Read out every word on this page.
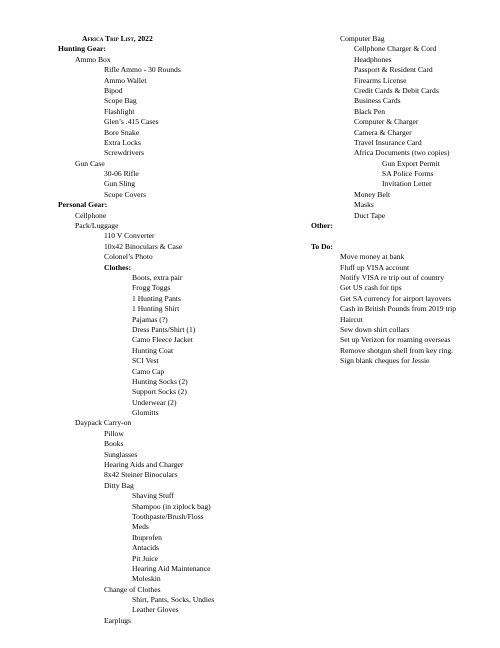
Africa Trip List, 2022
Hunting Gear:
Ammo Box
Rifle Ammo - 30 Rounds
Ammo Wallet
Bipod
Scope Bag
Flashlight
Glen’s .415 Cases
Bore Snake
Extra Locks
Screwdrivers
Gun Case
30-06 Rifle
Gun Sling
Scope Covers
Personal Gear:
Cellphone
Pack/Luggage
110 V Converter
10x42 Binoculars & Case
Colonel’s Photo
Clothes:
Boots, extra pair
Frogg Toggs
1 Hunting Pants
1 Hunting Shirt
Pajamas (?)
Dress Pants/Shirt (1)
Camo Fleece Jacket
Hunting Coat
SCI Vest
Camo Cap
Hunting Socks (2)
Support Socks (2)
Underwear (2)
Glomitts
Daypack Carry-on
Pillow
Books
Sunglasses
Hearing Aids and Charger
8x42 Steiner Binoculars
Ditty Bag
Shaving Stuff
Shampoo (in ziplock bag)
Toothpaste/Brush/Floss
Meds
Ibuprofen
Antacids
Pit Juice
Hearing Aid Maintenance
Moleskin
Change of Clothes
Shirt, Pants, Socks, Undies
Leather Gloves
Earplugs
Computer Bag
Cellphone Charger & Cord
Headphones
Passport & Resident Card
Firearms License
Credit Cards & Debit Cards
Business Cards
Black Pen
Computer & Charger
Camera & Charger
Travel Insurance Card
Africa Documents (two copies)
Gun Export Permit
SA Police Forms
Invitation Letter
Money Belt
Masks
Duct Tape
Other:
To Do:
Move money at bank
Fluff up VISA account
Notify VISA re trip out of country
Get US cash for tips
Get SA currency for airport layovers
Cash in British Pounds from 2019 trip
Haircut
Sew down shirt collars
Set up Verizon for roaming overseas
Remove shotgun shell from key ring.
Sign blank cheques for Jessie
